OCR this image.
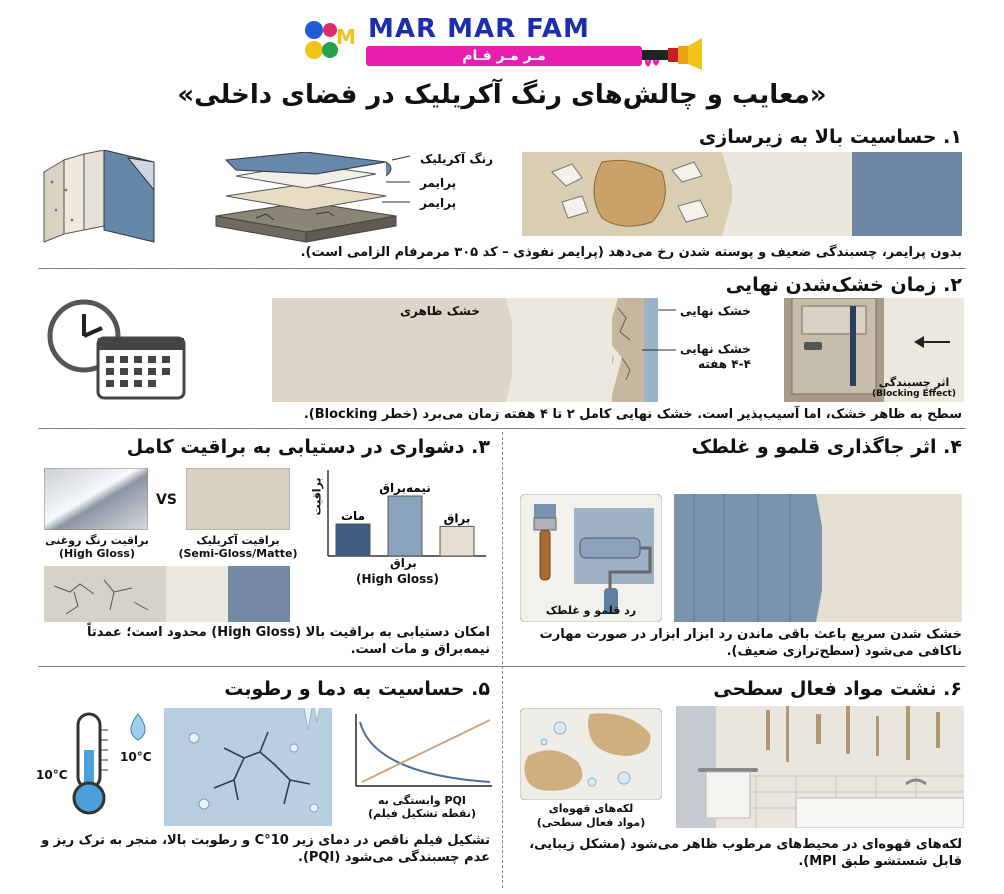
M MAR MAR FAM
مـر مـر فـام
«معایب و چالش‌های رنگ آکریلیک در فضای داخلی»
۱. حساسیت بالا به زیرسازی
رنگ آکریلیک
پرایمر
پرایمر
بدون پرایمر، چسبندگی ضعیف و پوسته شدن رخ می‌دهد (پرایمر نفوذی – کد ۳۰۵ مرمرفام الزامی است).
۲. زمان خشک‌شدن نهایی
خشک ظاهری	خشک نهایی
خشک نهایی
۴-۴ هفته
اثر چسبندگی
(Blocking Effect)
سطح به ظاهر خشک، اما آسیب‌پذیر است. خشک نهایی کامل ۲ تا ۴ هفته زمان می‌برد (خطر Blocking).
۳. دشواری در دستیابی به براقیت کامل
VS
براقیت رنگ روغنی
(High Gloss)
براقیت آکریلیک
(Semi-Gloss/Matte)
مات
نیمه‌براق
براق
براقیت
براق
(High Gloss)
امکان دستیابی به براقیت بالا (High Gloss) محدود است؛ عمدتاً نیمه‌براق و مات است.
۴. اثر جاگذاری قلمو و غلطک
رد قلمو و غلطک
خشک شدن سریع باعث باقی ماندن رد ابزار ابزار در صورت مهارت ناکافی می‌شود (سطح‌ترازی ضعیف).
۵. حساسیت به دما و رطوبت
10°C
10°C
وابستگی به PQI
(نقطه تشکیل فیلم)
تشکیل فیلم ناقص در دمای زیر 10°C و رطوبت بالا، منجر به ترک ریز و عدم چسبندگی می‌شود (PQI).
۶. نشت مواد فعال سطحی
لکه‌های قهوه‌ای
(مواد فعال سطحی)
لکه‌های قهوه‌ای در محیط‌های مرطوب ظاهر می‌شود (مشکل زیبایی، قابل شستشو طبق MPI).
